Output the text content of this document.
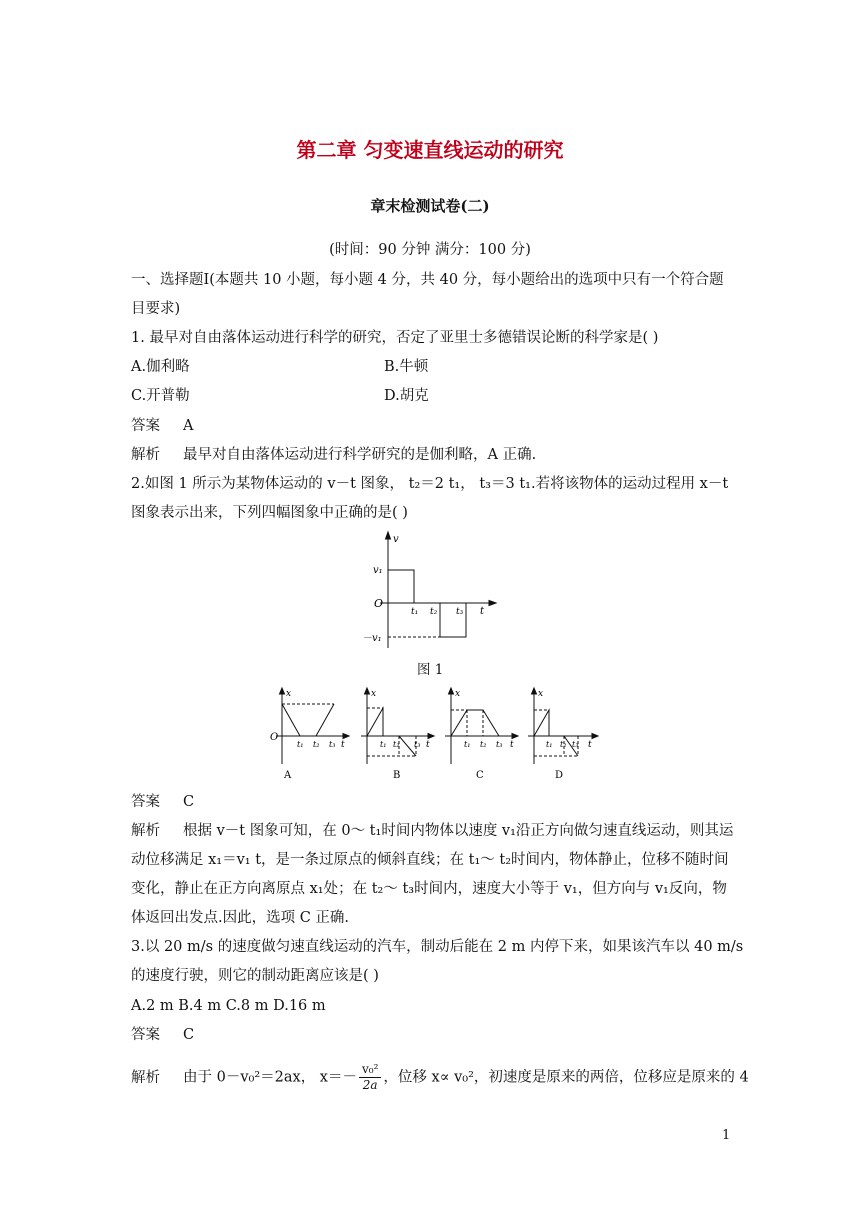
第二章 匀变速直线运动的研究
章末检测试卷(二)
(时间：90 分钟 满分：100 分)
一、选择题Ⅰ(本题共 10 小题，每小题 4 分，共 40 分，每小题给出的选项中只有一个符合题
目要求)
1. 最早对自由落体运动进行科学的研究，否定了亚里士多德错误论断的科学家是( )
A.伽利略	B.牛顿
C.开普勒	D.胡克
答案 A
解析 最早对自由落体运动进行科学研究的是伽利略，A 正确.
2.如图 1 所示为某物体运动的 v－t 图象， t₂＝2 t₁， t₃＝3 t₁.若将该物体的运动过程用 x－t
图象表示出来，下列四幅图象中正确的是( )
v
v₁
O
－v₁
t₁ t₂ t₃ t
图 1
x
O
t₁ t₂ t₃ t
A
x
t₁ t₂ t₃ t
B
x
t₁ t₂ t₃ t
C
x
t₁ t₂ t₃ t
D
答案 C
解析 根据 v－t 图象可知，在 0～ t₁时间内物体以速度 v₁沿正方向做匀速直线运动，则其运
动位移满足 x₁＝v₁ t，是一条过原点的倾斜直线；在 t₁～ t₂时间内，物体静止，位移不随时间
变化，静止在正方向离原点 x₁处；在 t₂～ t₃时间内，速度大小等于 v₁，但方向与 v₁反向，物
体返回出发点.因此，选项 C 正确.
3.以 20 m/s 的速度做匀速直线运动的汽车，制动后能在 2 m 内停下来，如果该汽车以 40 m/s
的速度行驶，则它的制动距离应该是( )
A.2 m B.4 m C.8 m D.16 m
答案 C
解析 由于 0－v₀²＝2ax， $x=- \frac{\text{v₀²}}{2a}$ ，位移 x∝ v₀²，初速度是原来的两倍，位移应是原来的 4
1
